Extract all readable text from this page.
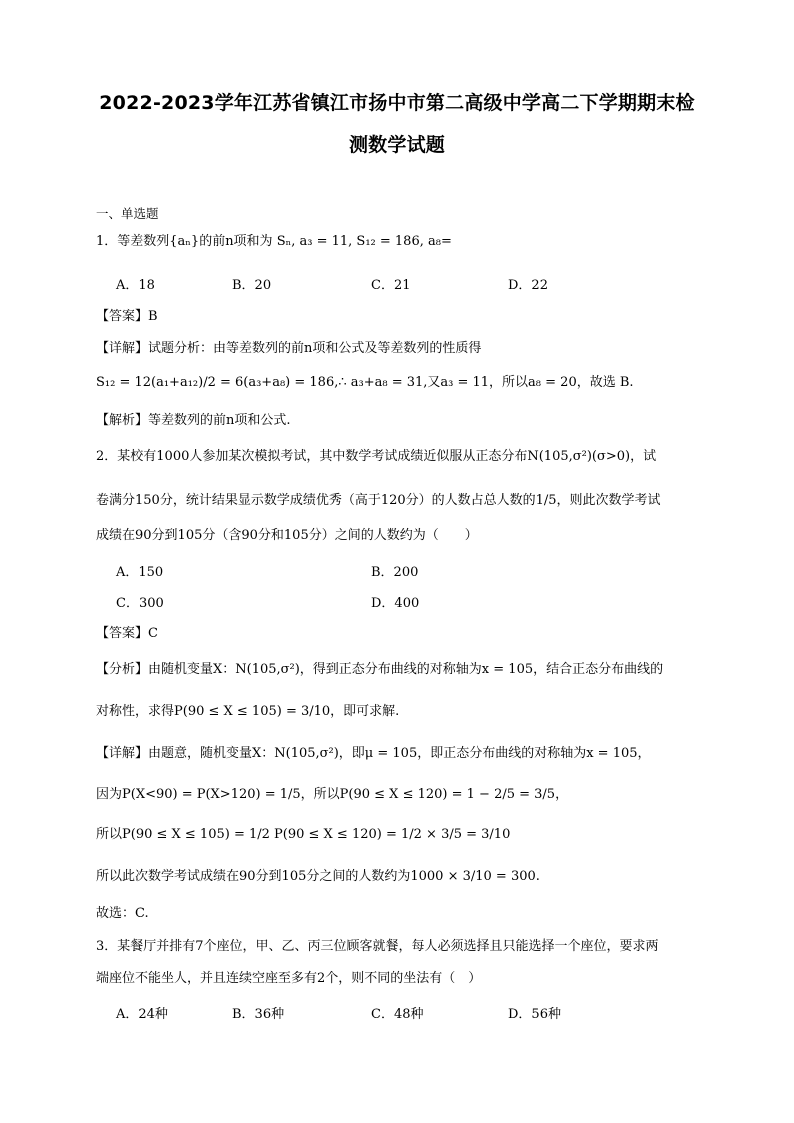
2022-2023学年江苏省镇江市扬中市第二高级中学高二下学期期末检
测数学试题
一、单选题
1．等差数列{aₙ}的前n项和为 Sₙ, a₃ = 11, S₁₂ = 186, a₈=
A．18	B．20	C．21	D．22
【答案】B
【详解】试题分析：由等差数列的前n项和公式及等差数列的性质得
S₁₂ = 12(a₁+a₁₂)/2 = 6(a₃+a₈) = 186,∴ a₃+a₈ = 31,又a₃ = 11，所以a₈ = 20，故选 B.
【解析】等差数列的前n项和公式.
2．某校有1000人参加某次模拟考试，其中数学考试成绩近似服从正态分布N(105,σ²)(σ>0)，试
卷满分150分，统计结果显示数学成绩优秀（高于120分）的人数占总人数的1/5，则此次数学考试
成绩在90分到105分（含90分和105分）之间的人数约为（　　）
A．150	B．200
C．300	D．400
【答案】C
【分析】由随机变量X：N(105,σ²)，得到正态分布曲线的对称轴为x = 105，结合正态分布曲线的
对称性，求得P(90 ≤ X ≤ 105) = 3/10，即可求解.
【详解】由题意，随机变量X：N(105,σ²)，即μ = 105，即正态分布曲线的对称轴为x = 105，
因为P(X<90) = P(X>120) = 1/5，所以P(90 ≤ X ≤ 120) = 1 − 2/5 = 3/5，
所以P(90 ≤ X ≤ 105) = 1/2 P(90 ≤ X ≤ 120) = 1/2 × 3/5 = 3/10
所以此次数学考试成绩在90分到105分之间的人数约为1000 × 3/10 = 300.
故选：C.
3．某餐厅并排有7个座位，甲、乙、丙三位顾客就餐，每人必须选择且只能选择一个座位，要求两
端座位不能坐人，并且连续空座至多有2个，则不同的坐法有（　）
A．24种	B．36种	C．48种	D．56种
